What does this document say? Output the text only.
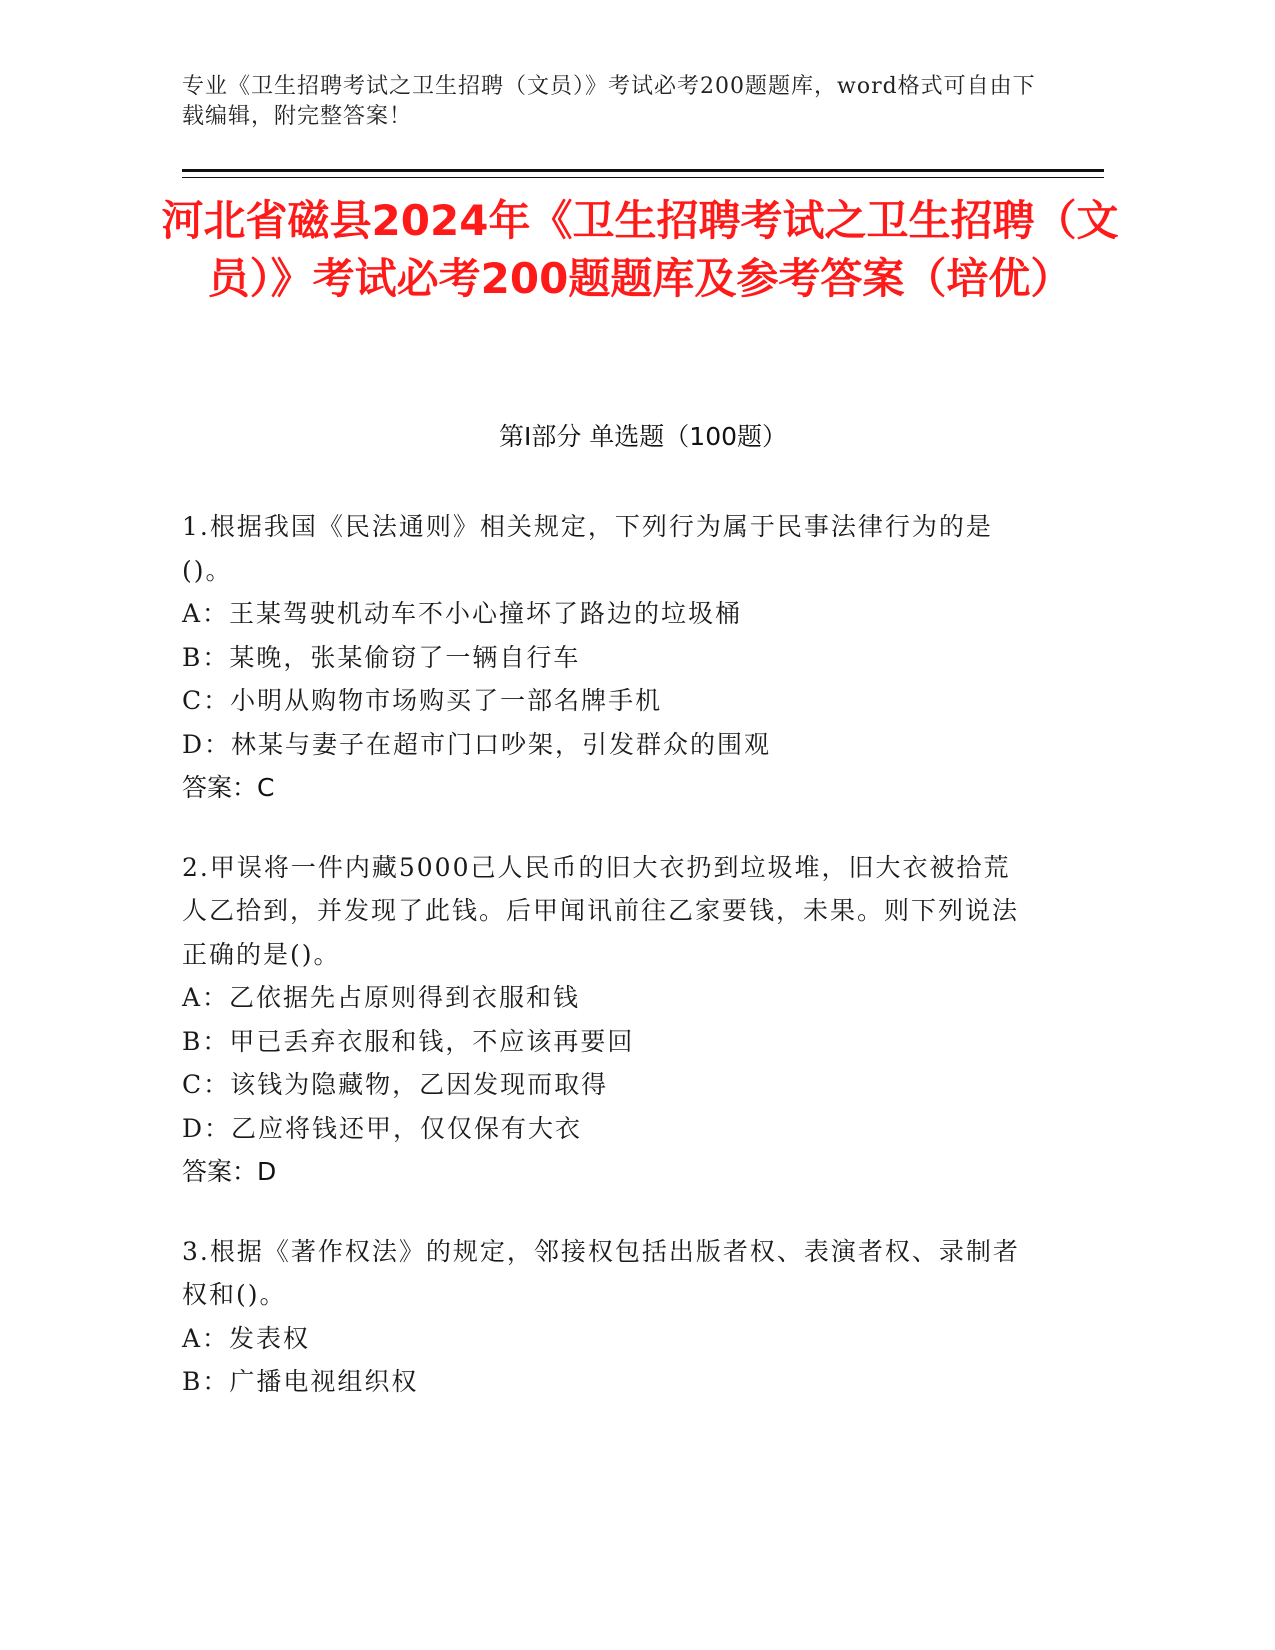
专业《卫生招聘考试之卫生招聘（文员）》考试必考200题题库，word格式可自由下载编辑，附完整答案！
河北省磁县2024年《卫生招聘考试之卫生招聘（文员）》考试必考200题题库及参考答案（培优）
第Ⅰ部分 单选题（100题）
1.根据我国《民法通则》相关规定，下列行为属于民事法律行为的是()。
A：王某驾驶机动车不小心撞坏了路边的垃圾桶
B：某晚，张某偷窃了一辆自行车
C：小明从购物市场购买了一部名牌手机
D：林某与妻子在超市门口吵架，引发群众的围观
答案：C
2.甲误将一件内藏5000己人民币的旧大衣扔到垃圾堆，旧大衣被拾荒人乙拾到，并发现了此钱。后甲闻讯前往乙家要钱，未果。则下列说法正确的是()。
A：乙依据先占原则得到衣服和钱
B：甲已丢弃衣服和钱，不应该再要回
C：该钱为隐藏物，乙因发现而取得
D：乙应将钱还甲，仅仅保有大衣
答案：D
3.根据《著作权法》的规定，邻接权包括出版者权、表演者权、录制者权和()。
A：发表权
B：广播电视组织权
